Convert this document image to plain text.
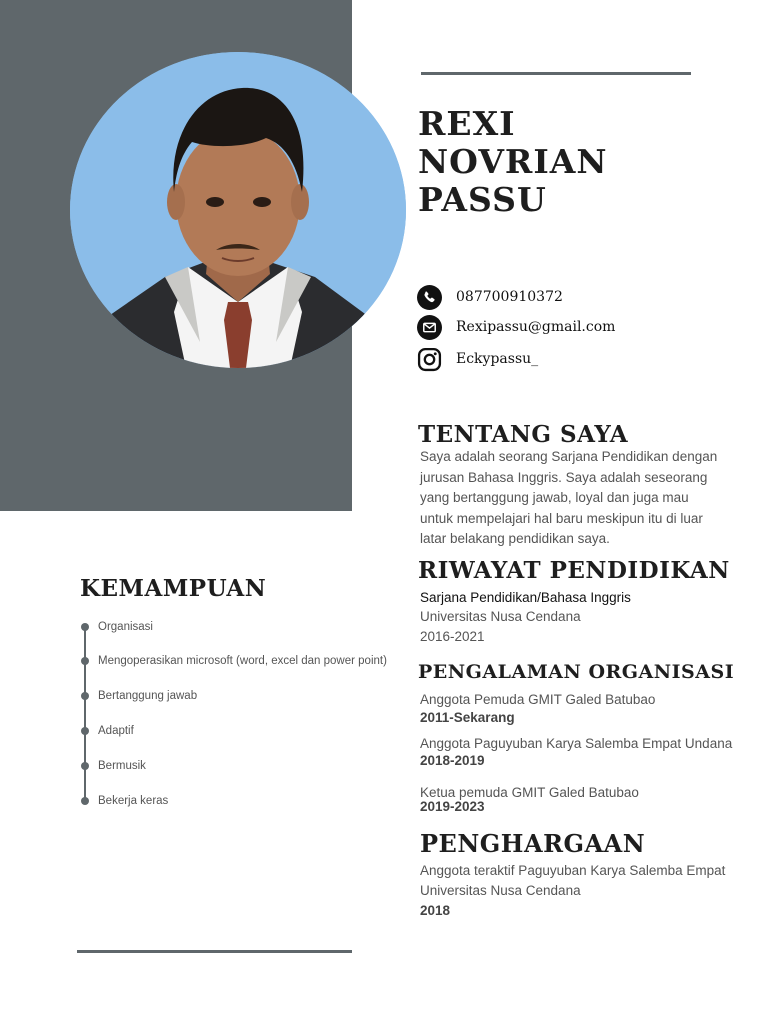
REXI
NOVRIAN
PASSU
087700910372
Rexipassu@gmail.com
Eckypassu_
TENTANG SAYA
Saya adalah seorang Sarjana Pendidikan dengan
jurusan Bahasa Inggris. Saya adalah seseorang
yang bertanggung jawab, loyal dan juga mau
untuk mempelajari hal baru meskipun itu di luar
latar belakang pendidikan saya.
RIWAYAT PENDIDIKAN
Sarjana Pendidikan/Bahasa Inggris
Universitas Nusa Cendana
2016-2021
PENGALAMAN ORGANISASI
Anggota Pemuda GMIT Galed Batubao
2011-Sekarang
Anggota Paguyuban Karya Salemba Empat Undana
2018-2019
Ketua pemuda GMIT Galed Batubao
2019-2023
PENGHARGAAN
Anggota teraktif Paguyuban Karya Salemba Empat
Universitas Nusa Cendana
2018
KEMAMPUAN
Organisasi
Mengoperasikan microsoft (word, excel dan power point)
Bertanggung jawab
Adaptif
Bermusik
Bekerja keras
